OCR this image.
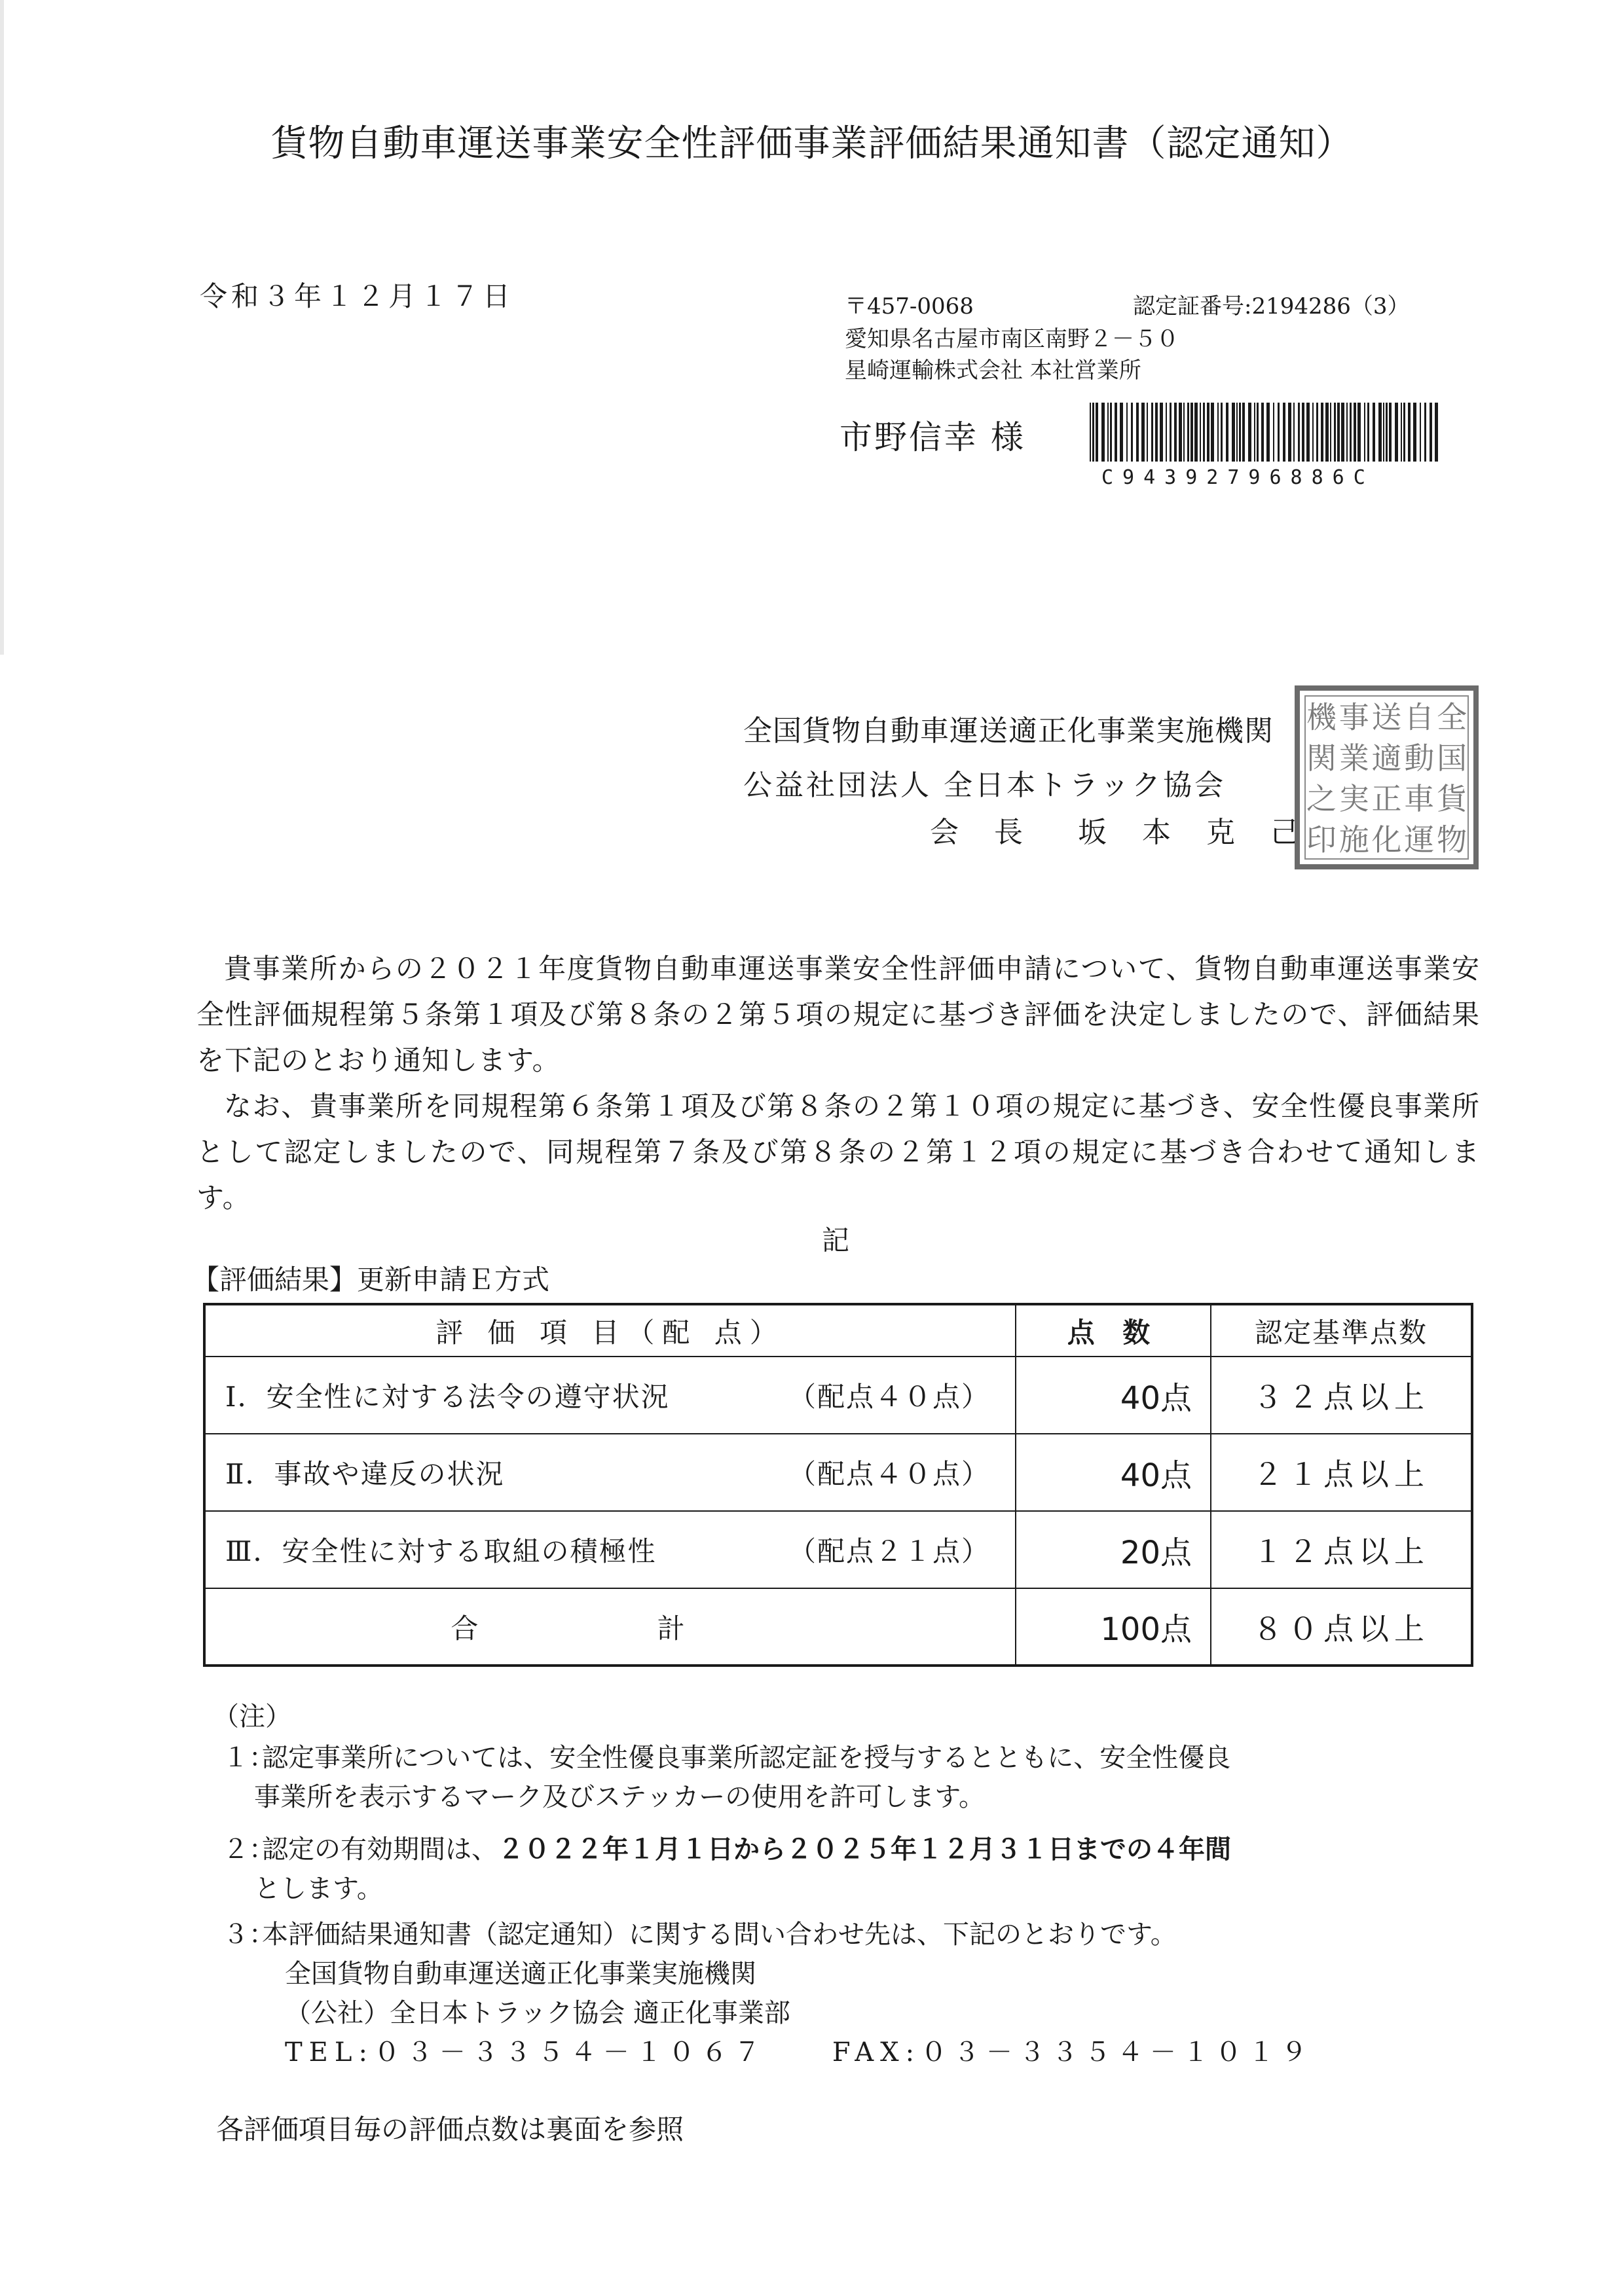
貨物自動車運送事業安全性評価事業評価結果通知書（認定通知）
令和３年１２月１７日	〒457-0068	認定証番号:2194286（3）
愛知県名古屋市南区南野２－５０
星崎運輸株式会社 本社営業所
市野信幸 様
C94392796886C
全国貨物自動車運送適正化事業実施機関
公益社団法人 全日本トラック協会
会 長　坂 本 克 己
全
国
貨
物
自
動
車
運
送
適
正
化
事
業
実
施
機
関
之
印
貴事業所からの２０２１年度貨物自動車運送事業安全性評価申請について、貨物自動車運送事業安全性評価規程第５条第１項及び第８条の２第５項の規定に基づき評価を決定しましたので、評価結果を下記のとおり通知します。
なお、貴事業所を同規程第６条第１項及び第８条の２第１０項の規定に基づき、安全性優良事業所として認定しましたので、同規程第７条及び第８条の２第１２項の規定に基づき合わせて通知します。
記
【評価結果】更新申請Ｅ方式
評 価 項 目（配 点）	点 数	認定基準点数
Ⅰ．安全性に対する法令の遵守状況 （配点４０点）	40点	３２点以上
Ⅱ．事故や違反の状況 （配点４０点）	40点	２１点以上
Ⅲ．安全性に対する取組の積極性 （配点２１点）	20点	１２点以上
合 計	100点	８０点以上
（注）
１：認定事業所については、安全性優良事業所認定証を授与するとともに、安全性優良
事業所を表示するマーク及びステッカーの使用を許可します。
２：認定の有効期間は、２０２２年１月１日から２０２５年１２月３１日までの４年間
とします。
３：本評価結果通知書（認定通知）に関する問い合わせ先は、下記のとおりです。
全国貨物自動車運送適正化事業実施機関
（公社）全日本トラック協会 適正化事業部
TEL:０３－３３５４－１０６７　　	FAX:０３－３３５４－１０１９
各評価項目毎の評価点数は裏面を参照
